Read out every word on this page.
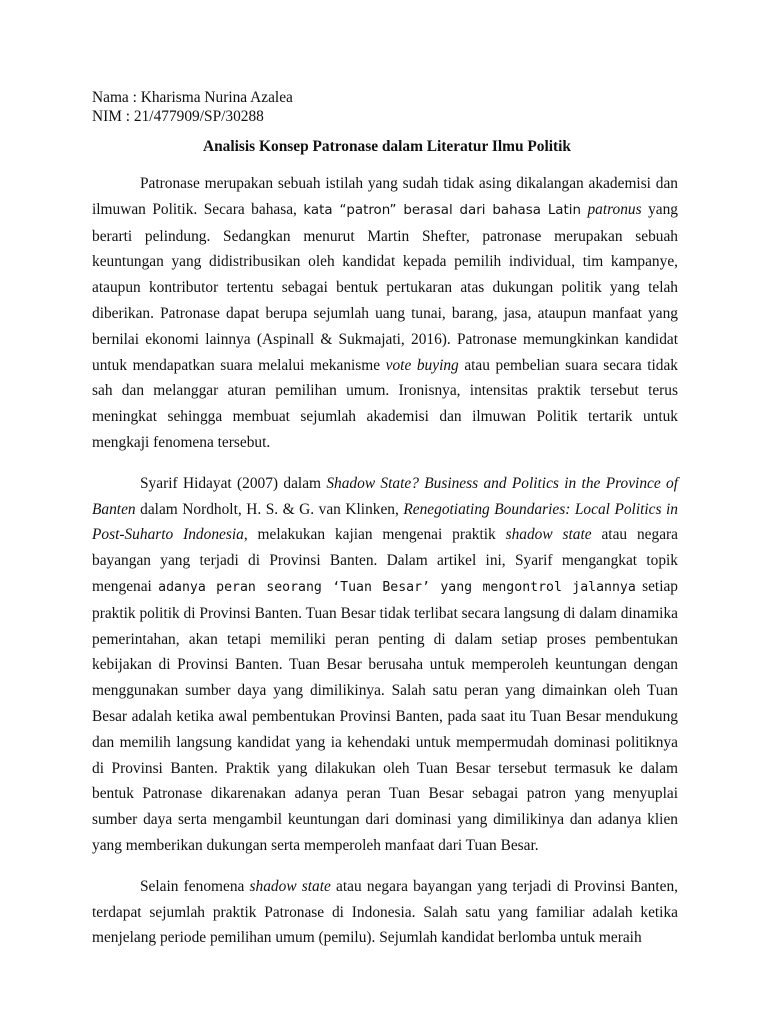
Nama : Kharisma Nurina Azalea
NIM : 21/477909/SP/30288
Analisis Konsep Patronase dalam Literatur Ilmu Politik

Patronase merupakan sebuah istilah yang sudah tidak asing dikalangan akademisi dan ilmuwan Politik. Secara bahasa, kata “patron” berasal dari bahasa Latin patronus yang berarti pelindung. Sedangkan menurut Martin Shefter, patronase merupakan sebuah keuntungan yang didistribusikan oleh kandidat kepada pemilih individual, tim kampanye, ataupun kontributor tertentu sebagai bentuk pertukaran atas dukungan politik yang telah diberikan. Patronase dapat berupa sejumlah uang tunai, barang, jasa, ataupun manfaat yang bernilai ekonomi lainnya (Aspinall & Sukmajati, 2016). Patronase memungkinkan kandidat untuk mendapatkan suara melalui mekanisme vote buying atau pembelian suara secara tidak sah dan melanggar aturan pemilihan umum. Ironisnya, intensitas praktik tersebut terus meningkat sehingga membuat sejumlah akademisi dan ilmuwan Politik tertarik untuk mengkaji fenomena tersebut.

Syarif Hidayat (2007) dalam Shadow State? Business and Politics in the Province of Banten dalam Nordholt, H. S. & G. van Klinken, Renegotiating Boundaries: Local Politics in Post-Suharto Indonesia, melakukan kajian mengenai praktik shadow state atau negara bayangan yang terjadi di Provinsi Banten. Dalam artikel ini, Syarif mengangkat topik mengenai adanya peran seorang ‘Tuan Besar’ yang mengontrol jalannya setiap praktik politik di Provinsi Banten. Tuan Besar tidak terlibat secara langsung di dalam dinamika pemerintahan, akan tetapi memiliki peran penting di dalam setiap proses pembentukan kebijakan di Provinsi Banten. Tuan Besar berusaha untuk memperoleh keuntungan dengan menggunakan sumber daya yang dimilikinya. Salah satu peran yang dimainkan oleh Tuan Besar adalah ketika awal pembentukan Provinsi Banten, pada saat itu Tuan Besar mendukung dan memilih langsung kandidat yang ia kehendaki untuk mempermudah dominasi politiknya di Provinsi Banten. Praktik yang dilakukan oleh Tuan Besar tersebut termasuk ke dalam bentuk Patronase dikarenakan adanya peran Tuan Besar sebagai patron yang menyuplai sumber daya serta mengambil keuntungan dari dominasi yang dimilikinya dan adanya klien yang memberikan dukungan serta memperoleh manfaat dari Tuan Besar.

Selain fenomena shadow state atau negara bayangan yang terjadi di Provinsi Banten, terdapat sejumlah praktik Patronase di Indonesia. Salah satu yang familiar adalah ketika menjelang periode pemilihan umum (pemilu). Sejumlah kandidat berlomba untuk meraih
